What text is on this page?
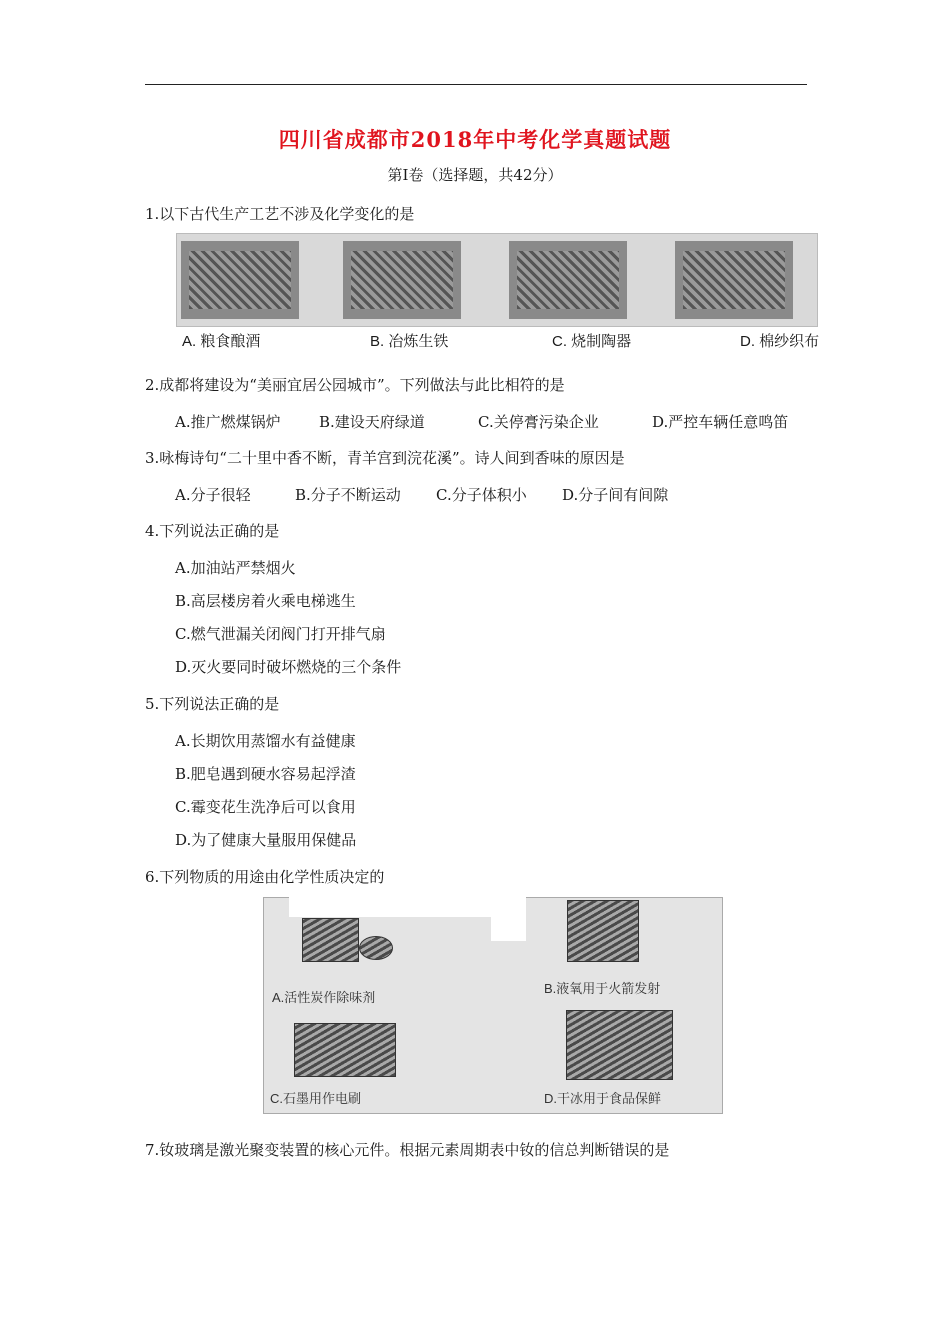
四川省成都市2018年中考化学真题试题
第Ⅰ卷（选择题，共42分）
1.以下古代生产工艺不涉及化学变化的是
A. 粮食酿酒	B. 冶炼生铁	C. 烧制陶器	D. 棉纱织布
2.成都将建设为“美丽宜居公园城市”。下列做法与此比相符的是
A.推广燃煤锅炉	B.建设天府绿道	C.关停膏污染企业	D.严控车辆任意鸣笛
3.咏梅诗句“二十里中香不断，青羊宫到浣花溪”。诗人间到香味的原因是
A.分子很轻	B.分子不断运动 C.分子体积小 D.分子间有间隙
4.下列说法正确的是
A.加油站严禁烟火
B.高层楼房着火乘电梯逃生
C.燃气泄漏关闭阀门打开排气扇
D.灭火要同时破坏燃烧的三个条件
5.下列说法正确的是
A.长期饮用蒸馏水有益健康
B.肥皂遇到硬水容易起浮渣
C.霉变花生洗净后可以食用
D.为了健康大量服用保健品
6.下列物质的用途由化学性质决定的
A.活性炭作除味剂
B.液氧用于火箭发射
C.石墨用作电刷	D.干冰用于食品保鲜
7.钕玻璃是激光聚变装置的核心元件。根据元素周期表中钕的信总判断错误的是
